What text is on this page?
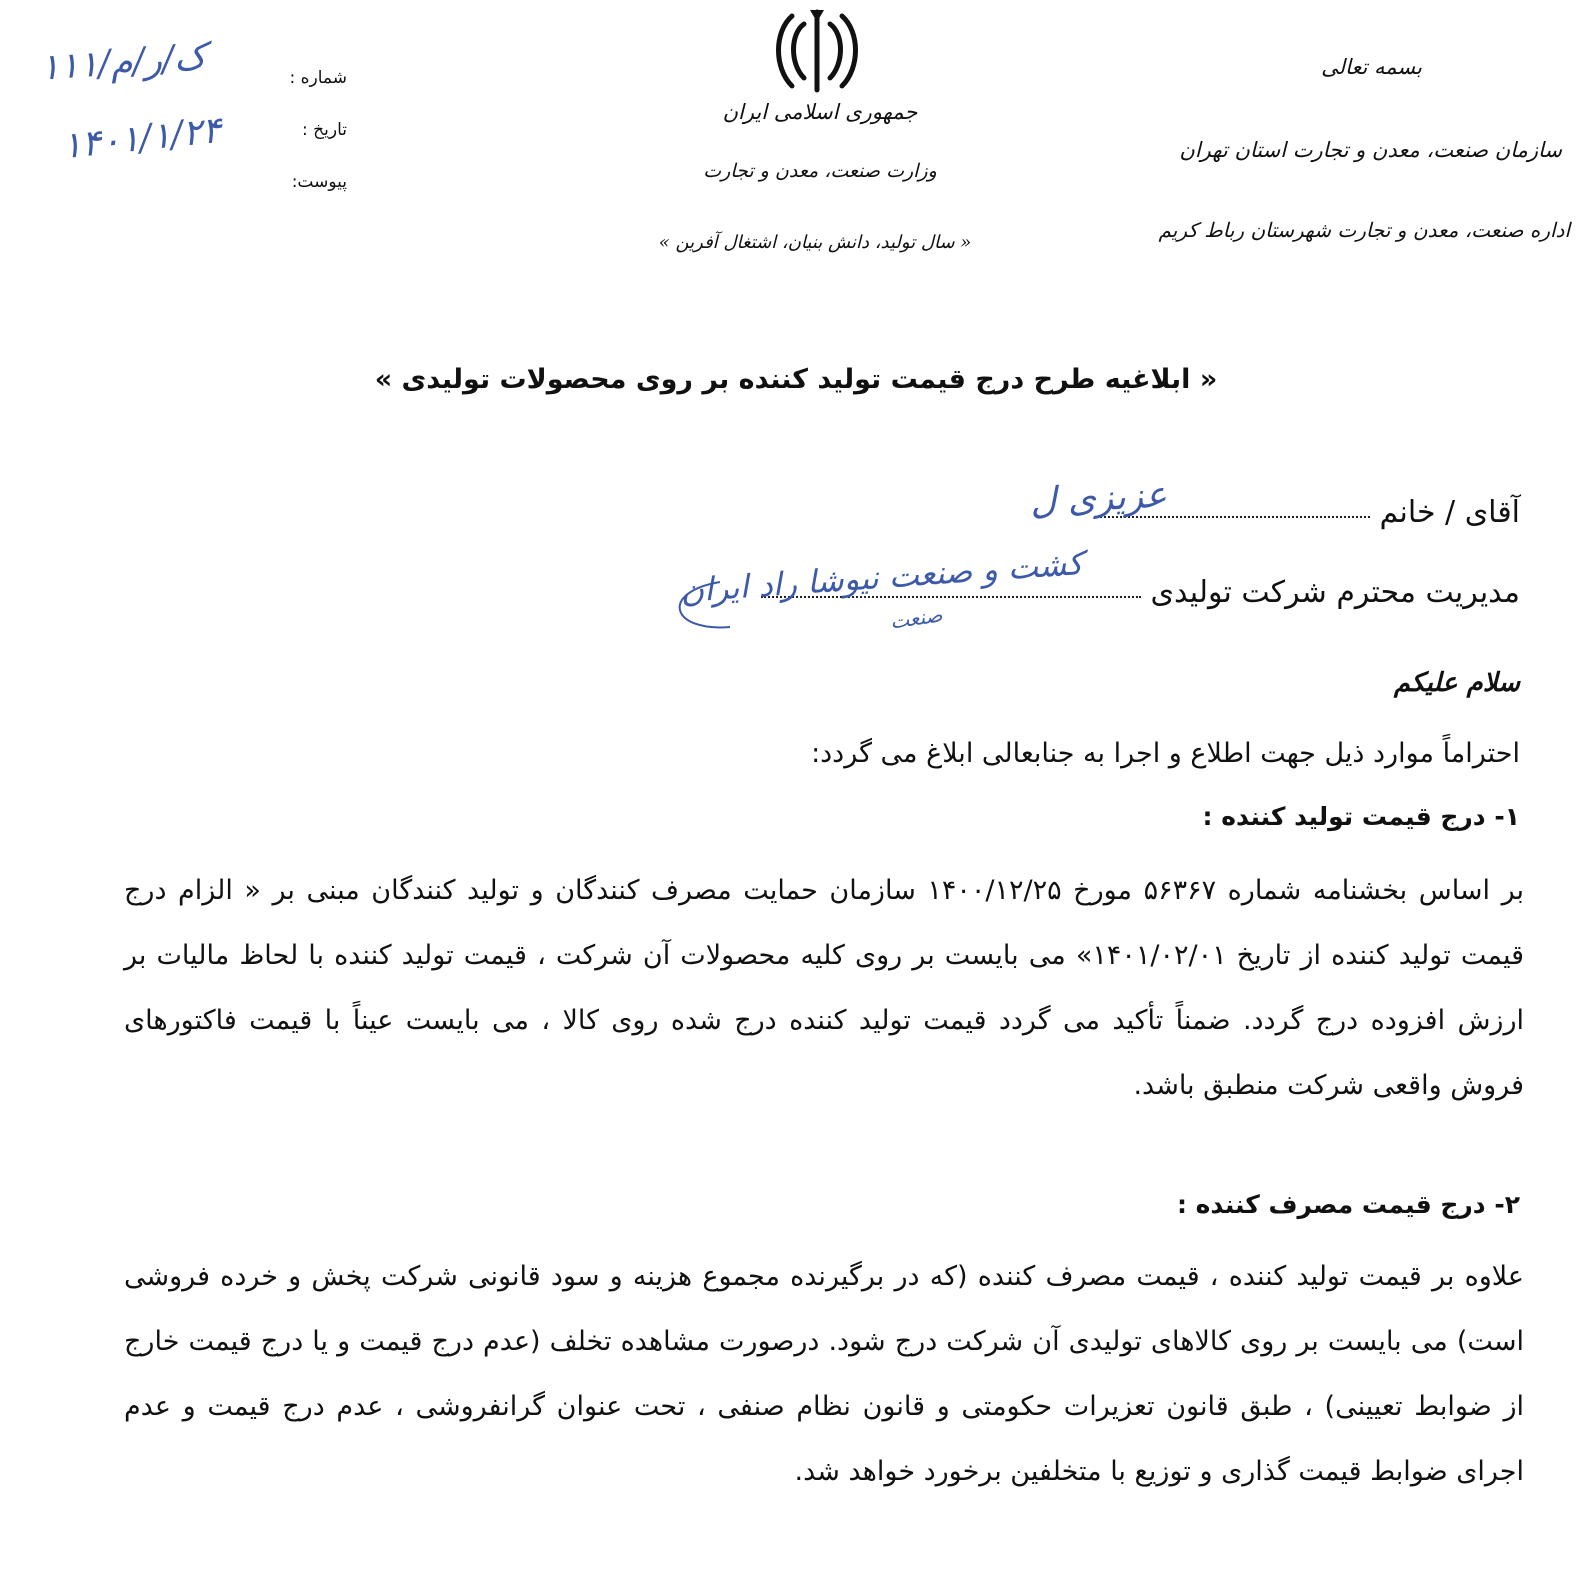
بسمه تعالی
سازمان صنعت، معدن و تجارت استان تهران
اداره صنعت، معدن و تجارت شهرستان رباط کریم
جمهوری اسلامی ایران
وزارت صنعت، معدن و تجارت
« سال تولید، دانش بنیان، اشتغال آفرین »
شماره :
تاریخ :
پیوست:
۱۱۱/ک/ر/م
۱۴۰۱/۱/۲۴
« ابلاغیه طرح درج قیمت تولید کننده بر روی محصولات تولیدی »
آقای / خانم
عزیزی ل
مدیریت محترم شرکت تولیدی
کشت و صنعت نیوشا راد ایران
صنعت
سلام علیکم
احتراماً موارد ذیل جهت اطلاع و اجرا به جنابعالی ابلاغ می گردد:
۱- درج قیمت تولید کننده :
بر اساس بخشنامه شماره ۵۶۳۶۷ مورخ ۱۴۰۰/۱۲/۲۵ سازمان حمایت مصرف کنندگان و تولید کنندگان مبنی بر « الزام درج قیمت تولید کننده از تاریخ ۱۴۰۱/۰۲/۰۱» می بایست بر روی کلیه محصولات آن شرکت ، قیمت تولید کننده با لحاظ مالیات بر ارزش افزوده درج گردد. ضمناً تأکید می گردد قیمت تولید کننده درج شده روی کالا ، می بایست عیناً با قیمت فاکتورهای فروش واقعی شرکت منطبق باشد.
۲- درج قیمت مصرف کننده :
علاوه بر قیمت تولید کننده ، قیمت مصرف کننده (که در برگیرنده مجموع هزینه و سود قانونی شرکت پخش و خرده فروشی است) می بایست بر روی کالاهای تولیدی آن شرکت درج شود. درصورت مشاهده تخلف (عدم درج قیمت و یا درج قیمت خارج از ضوابط تعیینی) ، طبق قانون تعزیرات حکومتی و قانون نظام صنفی ، تحت عنوان گرانفروشی ، عدم درج قیمت و عدم اجرای ضوابط قیمت گذاری و توزیع با متخلفین برخورد خواهد شد.
